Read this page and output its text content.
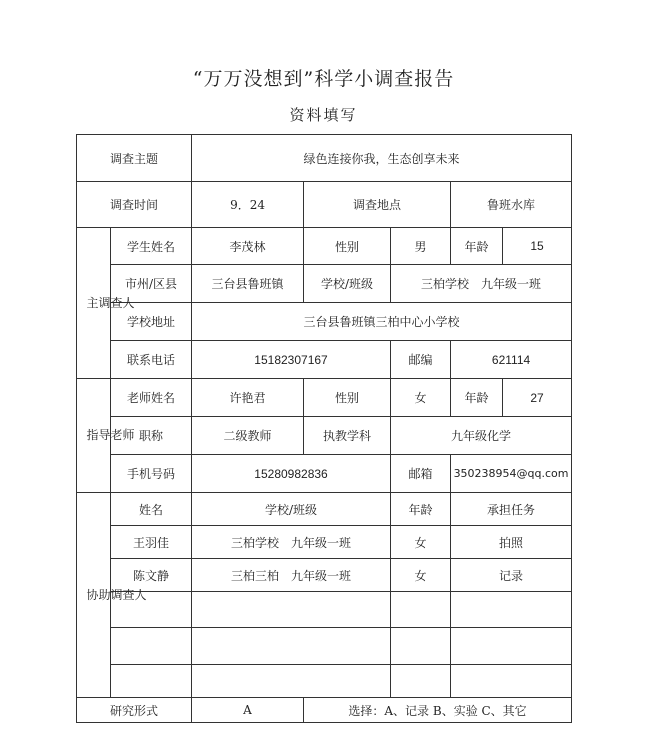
“万万没想到”科学小调查报告
资料填写
调查主题		绿色连接你我，生态创享未来				
调查时间		9．24	调查地点		鲁班水库	

主调查人	学生姓名	李茂林	性别	男	年龄	15
	市州/区县	三台县鲁班镇	学校/班级	三柏学校　九年级一班		
	学校地址	三台县鲁班镇三柏中心小学校				
	联系电话	15182307167		邮编	621114	

指导老师	老师姓名	许艳君	性别	女	年龄	27
	职称	二级教师	执教学科	九年级化学		
	手机号码	15280982836		邮箱	350238954@qq.com	

协助调查人	姓名	学校/班级		年龄	承担任务	
	王羽佳	三柏学校　九年级一班		女	拍照	
	陈文静	三柏三柏　九年级一班		女	记录	

研究形式		A	选择：A、记录 B、实验 C、其它			
